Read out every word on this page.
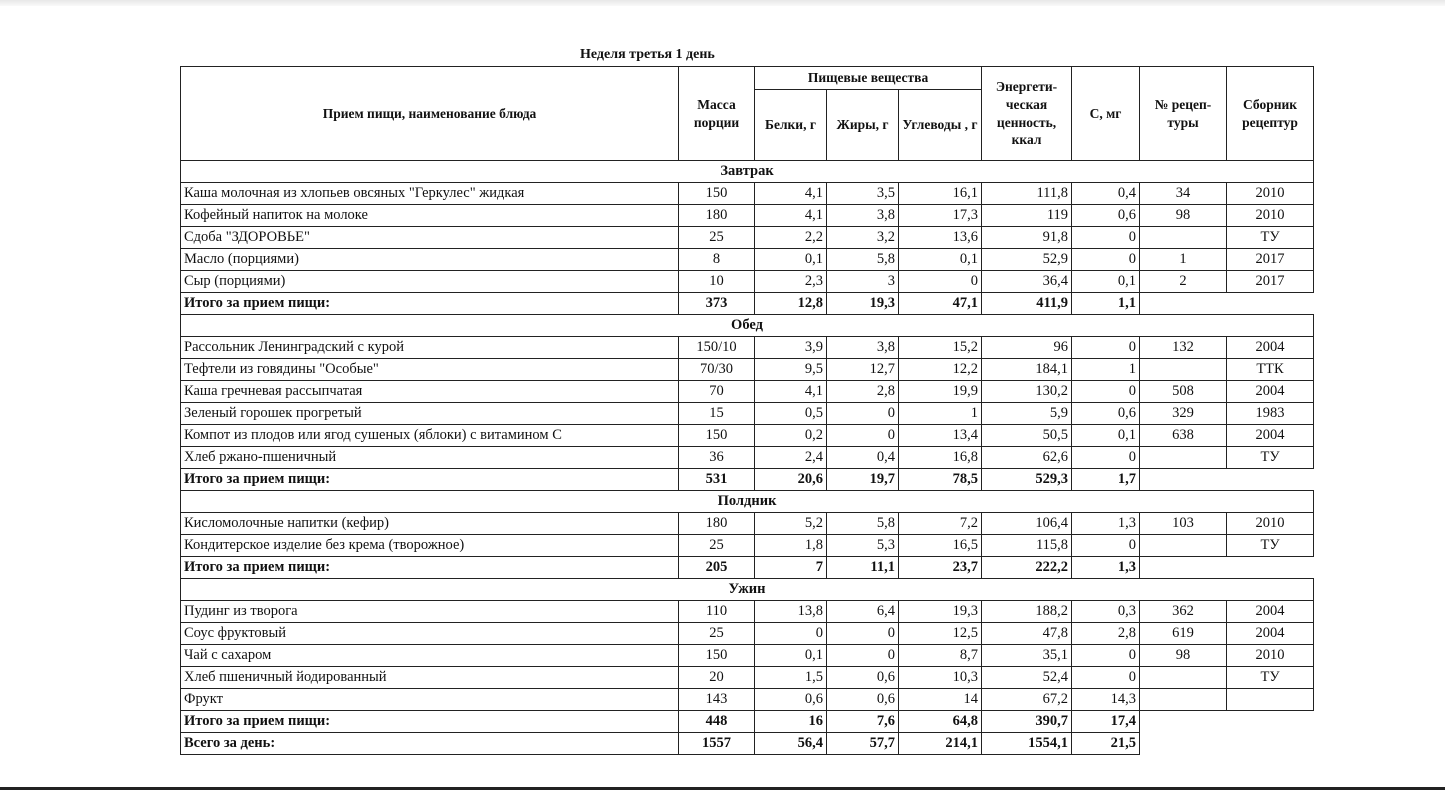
Неделя третья 1 день
Прием пищи, наименование блюда	Масса порции	Пищевые вещества			Энергети- ческая ценность, ккал	С, мг	№ рецеп- туры	Сборник рецептур
		Белки, г	Жиры, г	Углеводы , г				
Завтрак								
Каша молочная из хлопьев овсяных "Геркулес" жидкая	150	4,1	3,5	16,1	111,8	0,4	34	2010
Кофейный напиток на молоке	180	4,1	3,8	17,3	119	0,6	98	2010
Сдоба "ЗДОРОВЬЕ"	25	2,2	3,2	13,6	91,8	0		ТУ
Масло (порциями)	8	0,1	5,8	0,1	52,9	0	1	2017
Сыр (порциями)	10	2,3	3	0	36,4	0,1	2	2017
Итого за прием пищи:	373	12,8	19,3	47,1	411,9	1,1		
Обед								
Рассольник Ленинградский с курой	150/10	3,9	3,8	15,2	96	0	132	2004
Тефтели из говядины "Особые"	70/30	9,5	12,7	12,2	184,1	1		ТТК
Каша гречневая рассыпчатая	70	4,1	2,8	19,9	130,2	0	508	2004
Зеленый горошек прогретый	15	0,5	0	1	5,9	0,6	329	1983
Компот из плодов или ягод сушеных (яблоки) с витамином С	150	0,2	0	13,4	50,5	0,1	638	2004
Хлеб ржано-пшеничный	36	2,4	0,4	16,8	62,6	0		ТУ
Итого за прием пищи:	531	20,6	19,7	78,5	529,3	1,7		
Полдник								
Кисломолочные напитки (кефир)	180	5,2	5,8	7,2	106,4	1,3	103	2010
Кондитерское изделие без крема (творожное)	25	1,8	5,3	16,5	115,8	0		ТУ
Итого за прием пищи:	205	7	11,1	23,7	222,2	1,3		
Ужин								
Пудинг из творога	110	13,8	6,4	19,3	188,2	0,3	362	2004
Соус фруктовый	25	0	0	12,5	47,8	2,8	619	2004
Чай с сахаром	150	0,1	0	8,7	35,1	0	98	2010
Хлеб пшеничный йодированный	20	1,5	0,6	10,3	52,4	0		ТУ
Фрукт	143	0,6	0,6	14	67,2	14,3		
Итого за прием пищи:	448	16	7,6	64,8	390,7	17,4		
Всего за день:	1557	56,4	57,7	214,1	1554,1	21,5		
